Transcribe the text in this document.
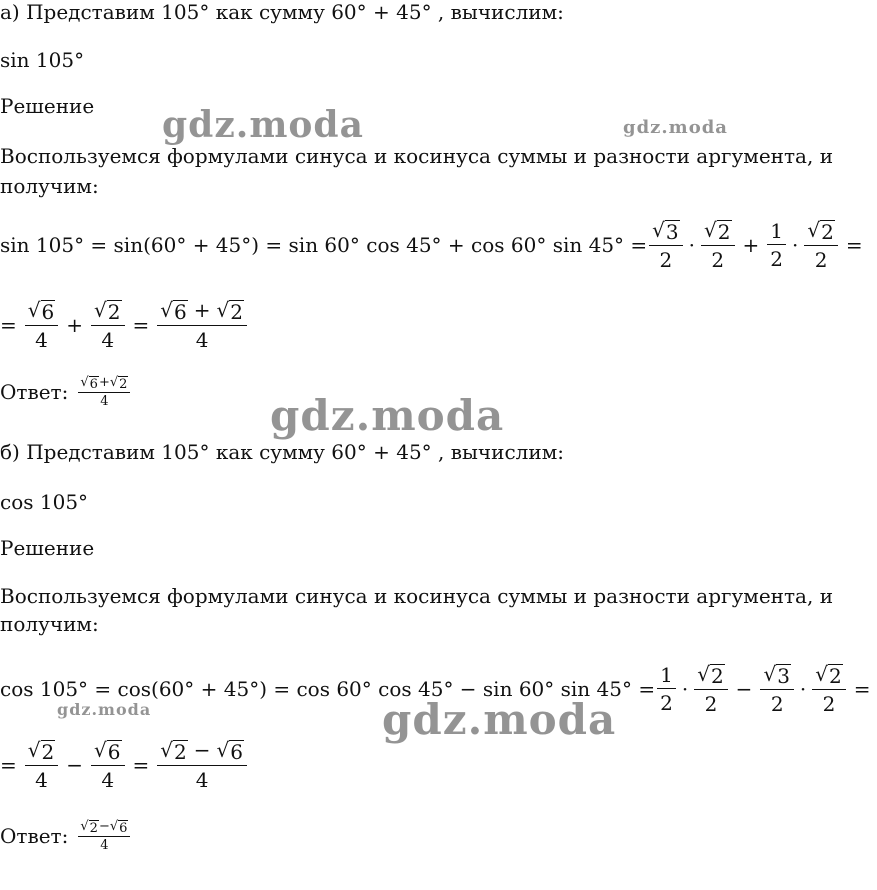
gdz.moda	gdz.moda
gdz.moda
gdz.moda
gdz.moda
а) Представим 105° как сумму 60° + 45° , вычислим:
sin 105°
Решение
Воспользуемся формулами синуса и косинуса суммы и разности аргумента, и
получим:
sin 105° = sin(60° + 45°) = sin 60° cos 45° + cos 60° $\sin 45^\circ = \frac{√ 3}{2} \cdot \frac{√ 2}{2} + \frac{1}{2} \cdot \frac{√ 2}{2}$ =
= $\frac{√ 6}{4} + \frac{√ 2}{4} = \frac{√ 6 + √ 2}{4}$
Ответ: $\frac{√ 6 + √ 2}{4}$
б) Представим 105° как сумму 60° + 45° , вычислим:
cos 105°
Решение
Воспользуемся формулами синуса и косинуса суммы и разности аргумента, и
получим:
cos 105° = cos(60° + 45°) = cos 60° cos 45° − sin 60° $\sin 45^\circ = \frac{1}{2} \cdot \frac{√ 2}{2} - \frac{√ 3}{2} \cdot \frac{√ 2}{2}$ =
= $\frac{√ 2}{4} - \frac{√ 6}{4} = \frac{√ 2 - √ 6}{4}$
Ответ: $\frac{√ 2 - √ 6}{4}$
